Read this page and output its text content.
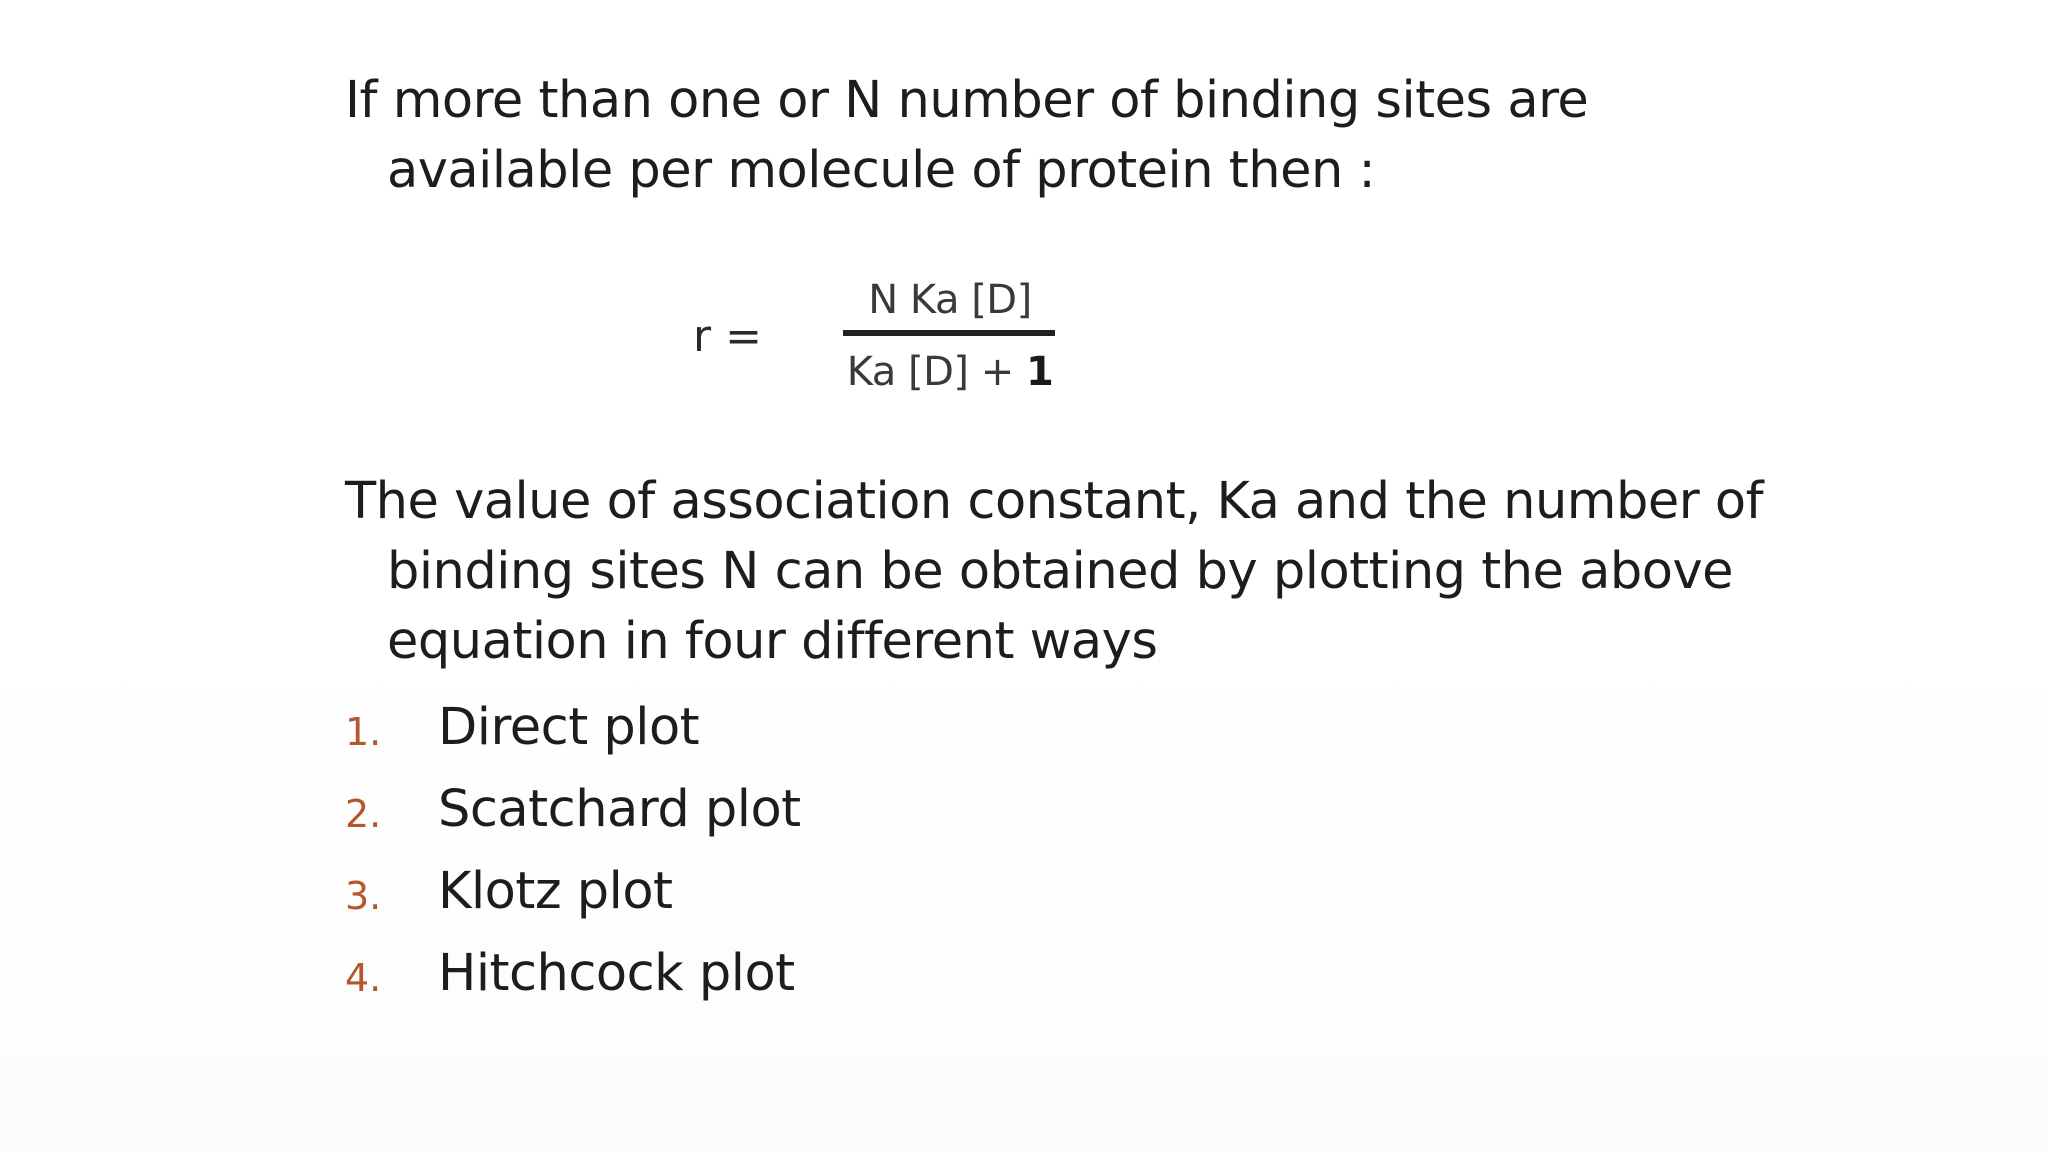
If more than one or N number of binding sites are available per molecule of protein then :

r =
N Ka [D]
Ka [D] + 1

The value of association constant, Ka and the number of binding sites N can be obtained by plotting the above equation in four different ways

1.	Direct plot
2.	Scatchard plot
3.	Klotz plot
4.	Hitchcock plot
